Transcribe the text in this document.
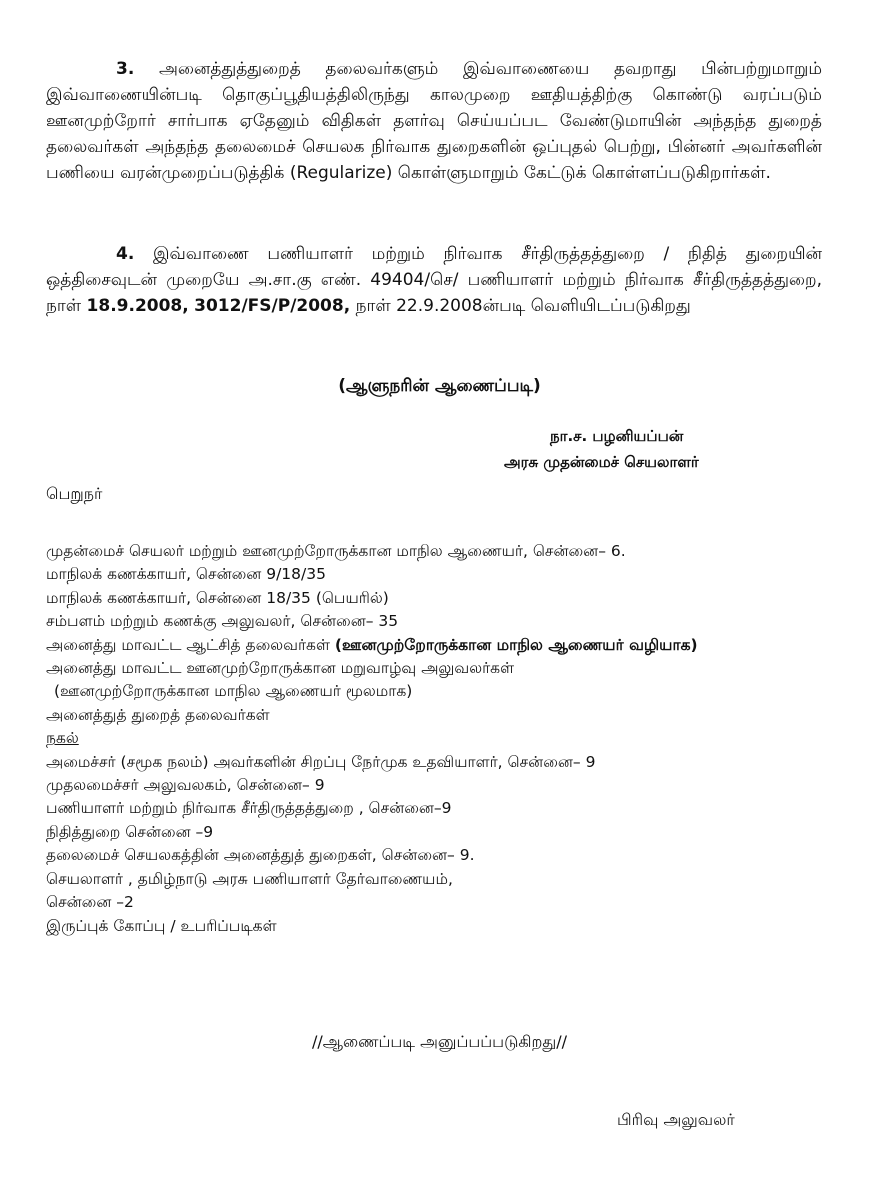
3. அனைத்துத்துறைத் தலைவர்களும் இவ்வாணையை தவறாது பின்பற்றுமாறும் இவ்வாணையின்படி தொகுப்பூதியத்திலிருந்து காலமுறை ஊதியத்திற்கு கொண்டு வரப்படும் ஊனமுற்றோர் சார்பாக ஏதேனும் விதிகள் தளர்வு செய்யப்பட வேண்டுமாயின் அந்தந்த துறைத் தலைவர்கள் அந்தந்த தலைமைச் செயலக நிர்வாக துறைகளின் ஒப்புதல் பெற்று, பின்னர் அவர்களின் பணியை வரன்முறைப்படுத்திக் (Regularize) கொள்ளுமாறும் கேட்டுக் கொள்ளப்படுகிறார்கள்.
4. இவ்வாணை பணியாளர் மற்றும் நிர்வாக சீர்திருத்தத்துறை / நிதித் துறையின் ஒத்திசைவுடன் முறையே அ.சா.கு எண். 49404/செ/ பணியாளர் மற்றும் நிர்வாக சீர்திருத்தத்துறை, நாள் 18.9.2008, 3012/FS/P/2008, நாள் 22.9.2008ன்படி வெளியிடப்படுகிறது
(ஆளுநரின் ஆணைப்படி)
நா.ச. பழனியப்பன்
அரசு முதன்மைச் செயலாளர்
பெறுநர்
முதன்மைச் செயலர் மற்றும் ஊனமுற்றோருக்கான மாநில ஆணையர், சென்னை– 6.
மாநிலக் கணக்காயர், சென்னை 9/18/35
மாநிலக் கணக்காயர், சென்னை 18/35 (பெயரில்)
சம்பளம் மற்றும் கணக்கு அலுவலர், சென்னை– 35
அனைத்து மாவட்ட ஆட்சித் தலைவர்கள் (ஊனமுற்றோருக்கான மாநில ஆணையர் வழியாக)
அனைத்து மாவட்ட ஊனமுற்றோருக்கான மறுவாழ்வு அலுவலர்கள்
(ஊனமுற்றோருக்கான மாநில ஆணையர் மூலமாக)
அனைத்துத் துறைத் தலைவர்கள்
நகல்
அமைச்சர் (சமூக நலம்) அவர்களின் சிறப்பு நேர்முக உதவியாளர், சென்னை– 9
முதலமைச்சர் அலுவலகம், சென்னை– 9
பணியாளர் மற்றும் நிர்வாக சீர்திருத்தத்துறை , சென்னை–9
நிதித்துறை சென்னை –9
தலைமைச் செயலகத்தின் அனைத்துத் துறைகள், சென்னை– 9.
செயலாளர் , தமிழ்நாடு அரசு பணியாளர் தேர்வாணையம்,
சென்னை –2
இருப்புக் கோப்பு / உபரிப்படிகள்
//ஆணைப்படி அனுப்பப்படுகிறது//
பிரிவு அலுவலர்
